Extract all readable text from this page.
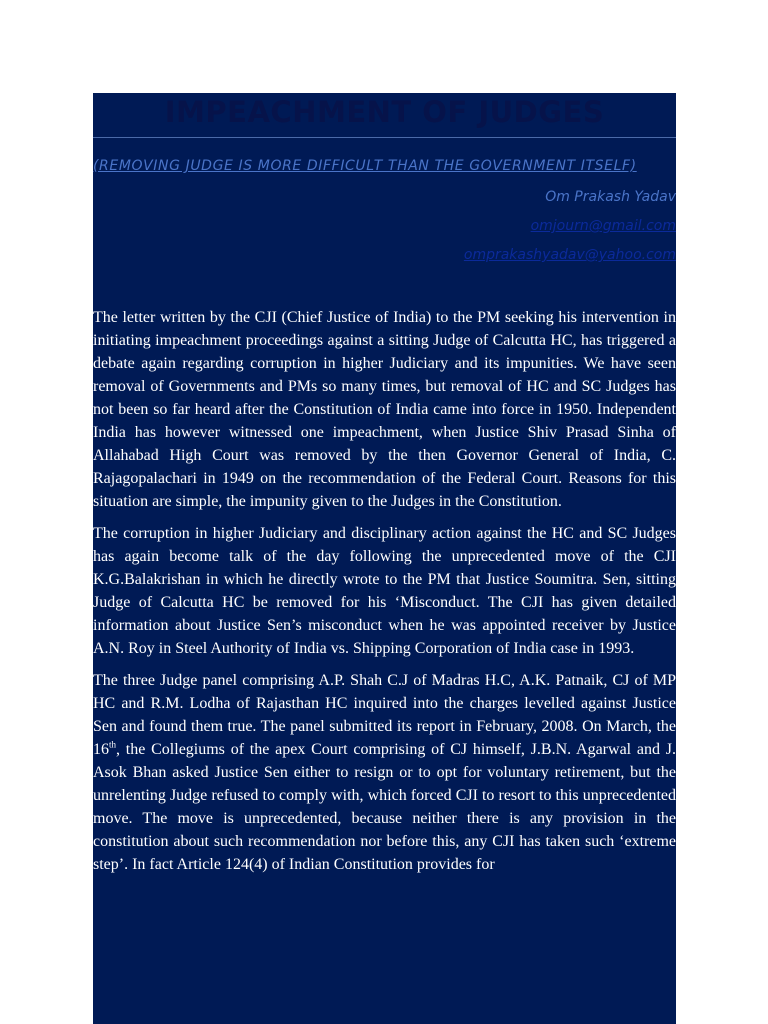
IMPEACHMENT OF JUDGES

(REMOVING JUDGE IS MORE DIFFICULT THAN THE GOVERNMENT ITSELF)

Om Prakash Yadav

omjourn@gmail.com

omprakashyadav@yahoo.com

The letter written by the CJI (Chief Justice of India) to the PM seeking his intervention in initiating impeachment proceedings against a sitting Judge of Calcutta HC, has triggered a debate again regarding corruption in higher Judiciary and its impunities. We have seen removal of Governments and PMs so many times, but removal of HC and SC Judges has not been so far heard after the Constitution of India came into force in 1950. Independent India has however witnessed one impeachment, when Justice Shiv Prasad Sinha of Allahabad High Court was removed by the then Governor General of India, C. Rajagopalachari in 1949 on the recommendation of the Federal Court. Reasons for this situation are simple, the impunity given to the Judges in the Constitution.

The corruption in higher Judiciary and disciplinary action against the HC and SC Judges has again become talk of the day following the unprecedented move of the CJI K.G.Balakrishan in which he directly wrote to the PM that Justice Soumitra. Sen, sitting Judge of Calcutta HC be removed for his ‘Misconduct. The CJI has given detailed information about Justice Sen’s misconduct when he was appointed receiver by Justice A.N. Roy in Steel Authority of India vs. Shipping Corporation of India case in 1993.

The three Judge panel comprising A.P. Shah C.J of Madras H.C, A.K. Patnaik, CJ of MP HC and R.M. Lodha of Rajasthan HC inquired into the charges levelled against Justice Sen and found them true. The panel submitted its report in February, 2008. On March, the 16th, the Collegiums of the apex Court comprising of CJ himself, J.B.N. Agarwal and J. Asok Bhan asked Justice Sen either to resign or to opt for voluntary retirement, but the unrelenting Judge refused to comply with, which forced CJI to resort to this unprecedented move. The move is unprecedented, because neither there is any provision in the constitution about such recommendation nor before this, any CJI has taken such ‘extreme step’. In fact Article 124(4) of Indian Constitution provides for
